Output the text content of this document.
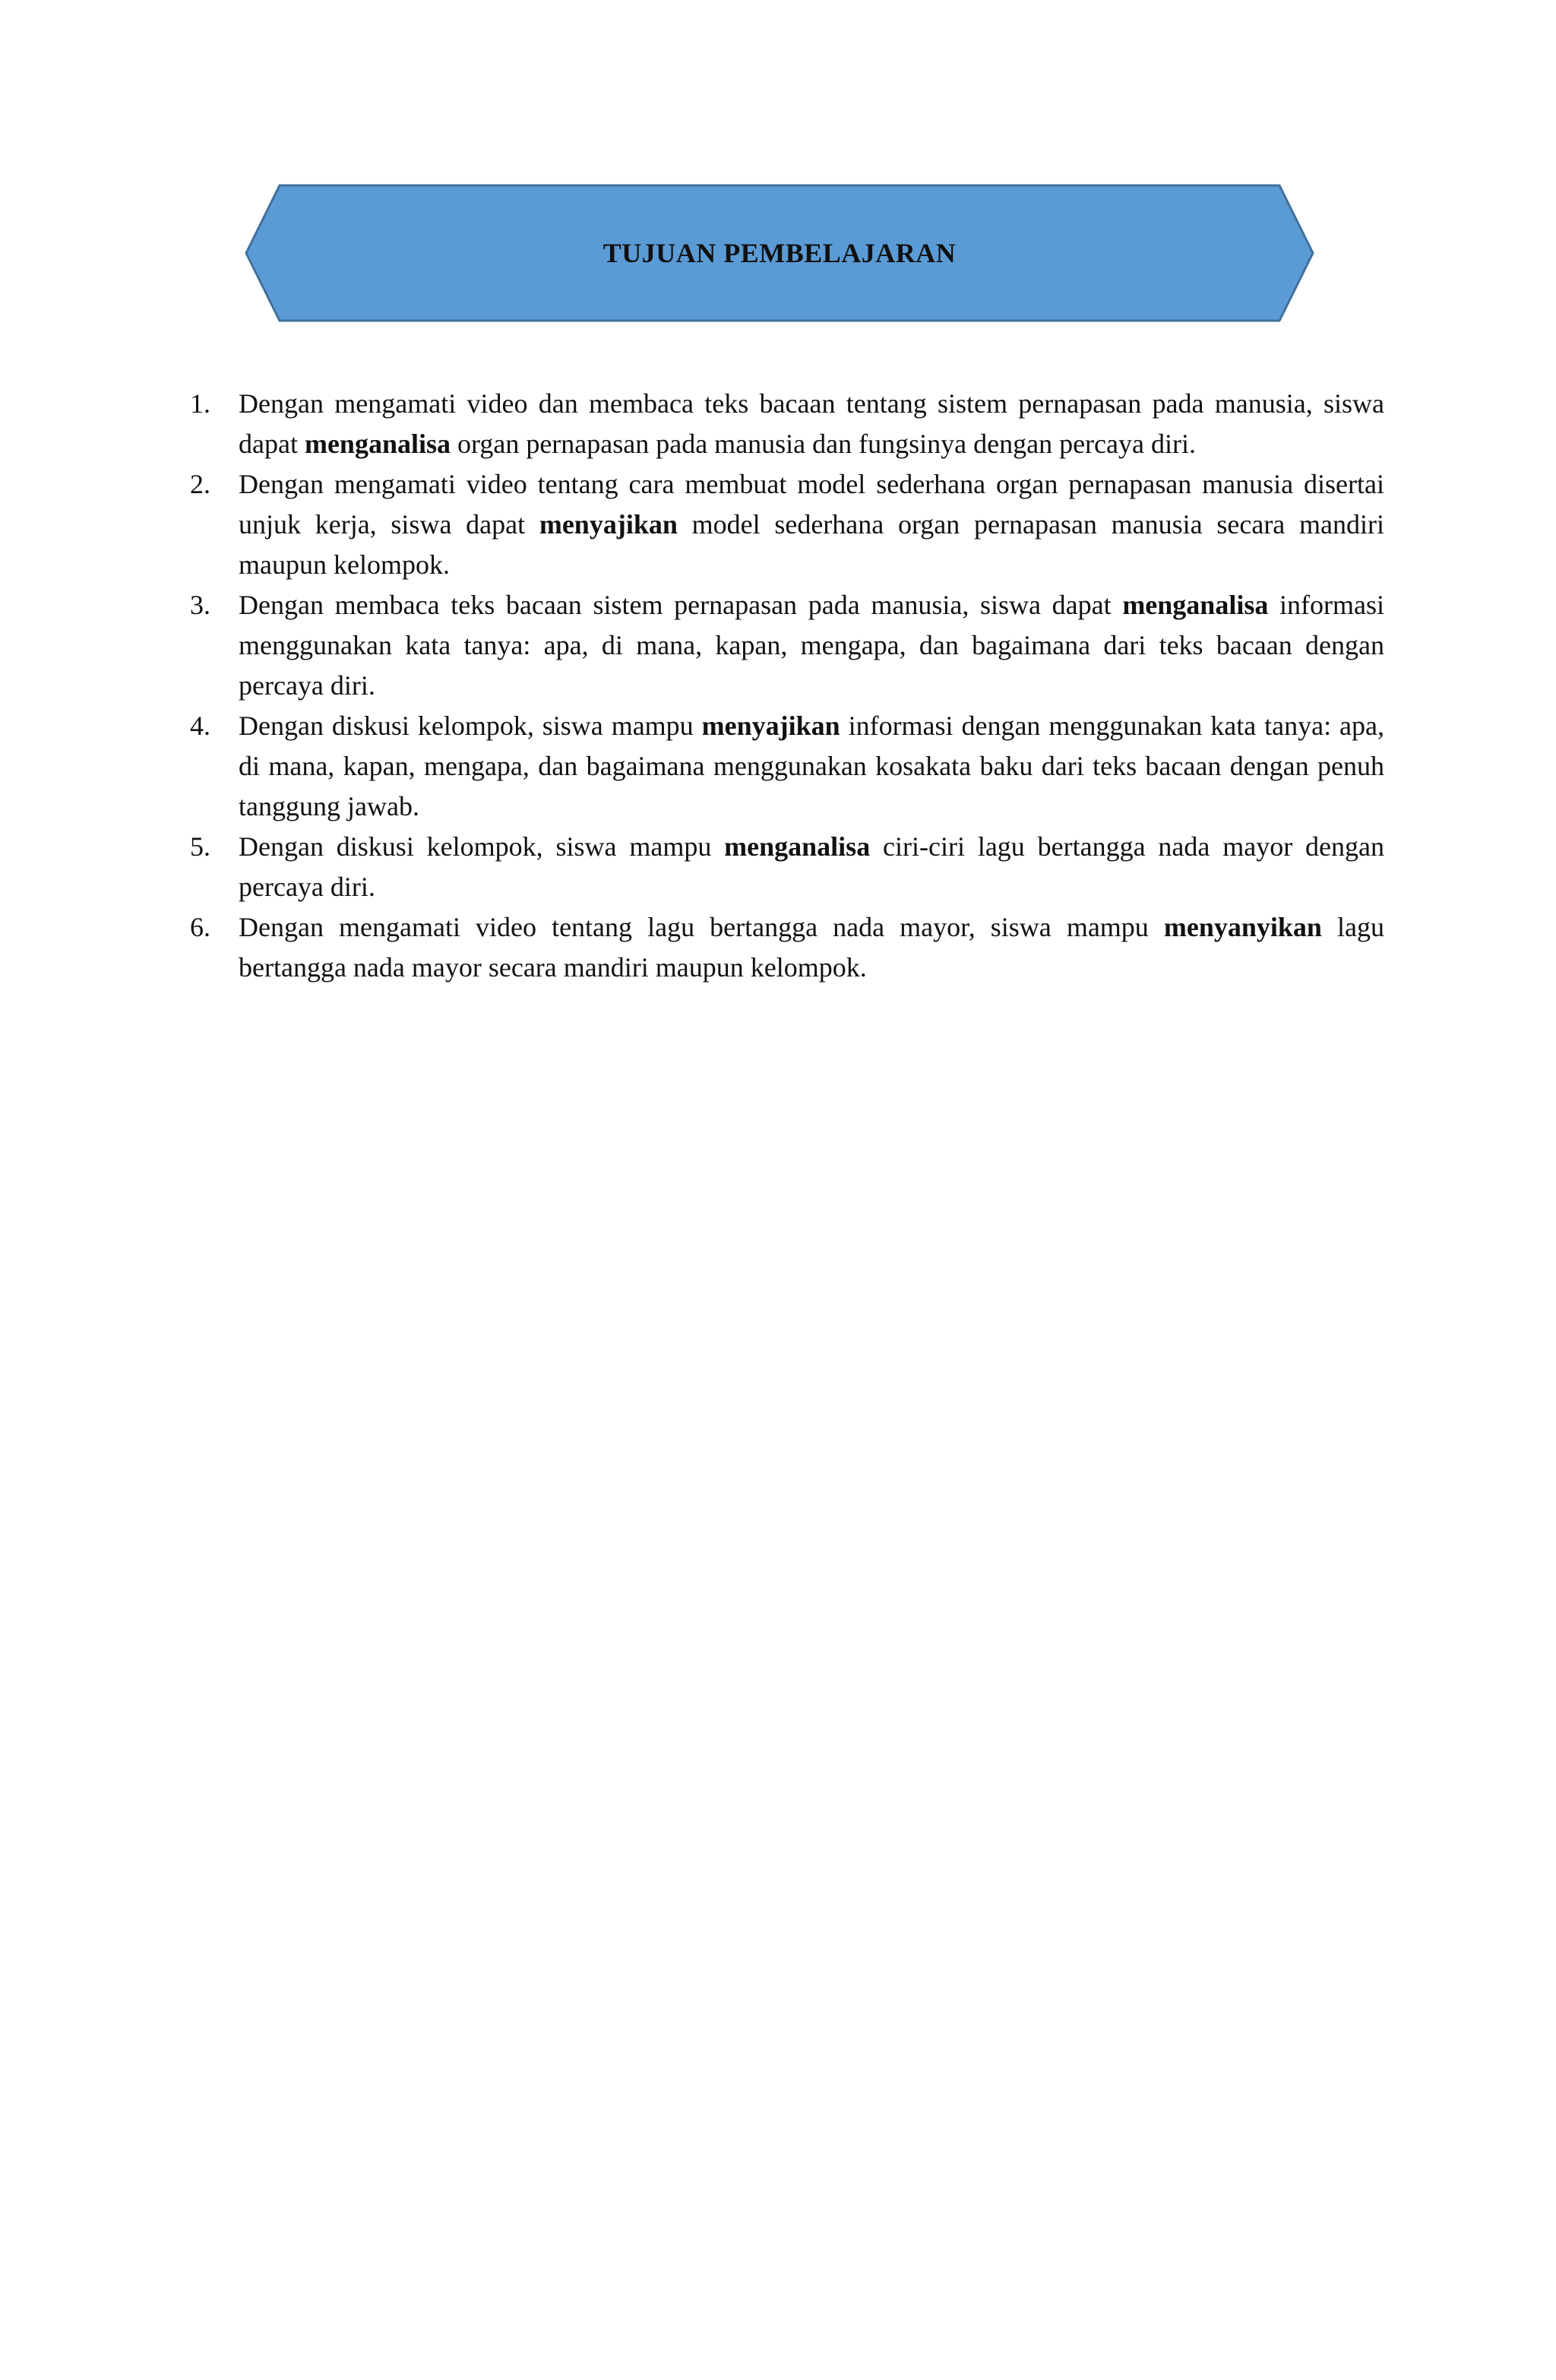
TUJUAN PEMBELAJARAN
1.	Dengan mengamati video dan membaca teks bacaan tentang sistem pernapasan pada manusia, siswa dapat menganalisa organ pernapasan pada manusia dan fungsinya dengan percaya diri.
2.	Dengan mengamati video tentang cara membuat model sederhana organ pernapasan manusia disertai unjuk kerja, siswa dapat menyajikan model sederhana organ pernapasan manusia secara mandiri maupun kelompok.
3.	Dengan membaca teks bacaan sistem pernapasan pada manusia, siswa dapat menganalisa informasi menggunakan kata tanya: apa, di mana, kapan, mengapa, dan bagaimana dari teks bacaan dengan percaya diri.
4.	Dengan diskusi kelompok, siswa mampu menyajikan informasi dengan menggunakan kata tanya: apa, di mana, kapan, mengapa, dan bagaimana menggunakan kosakata baku dari teks bacaan dengan penuh tanggung jawab.
5.	Dengan diskusi kelompok, siswa mampu menganalisa ciri-ciri lagu bertangga nada mayor dengan percaya diri.
6.	Dengan mengamati video tentang lagu bertangga nada mayor, siswa mampu menyanyikan lagu bertangga nada mayor secara mandiri maupun kelompok.
